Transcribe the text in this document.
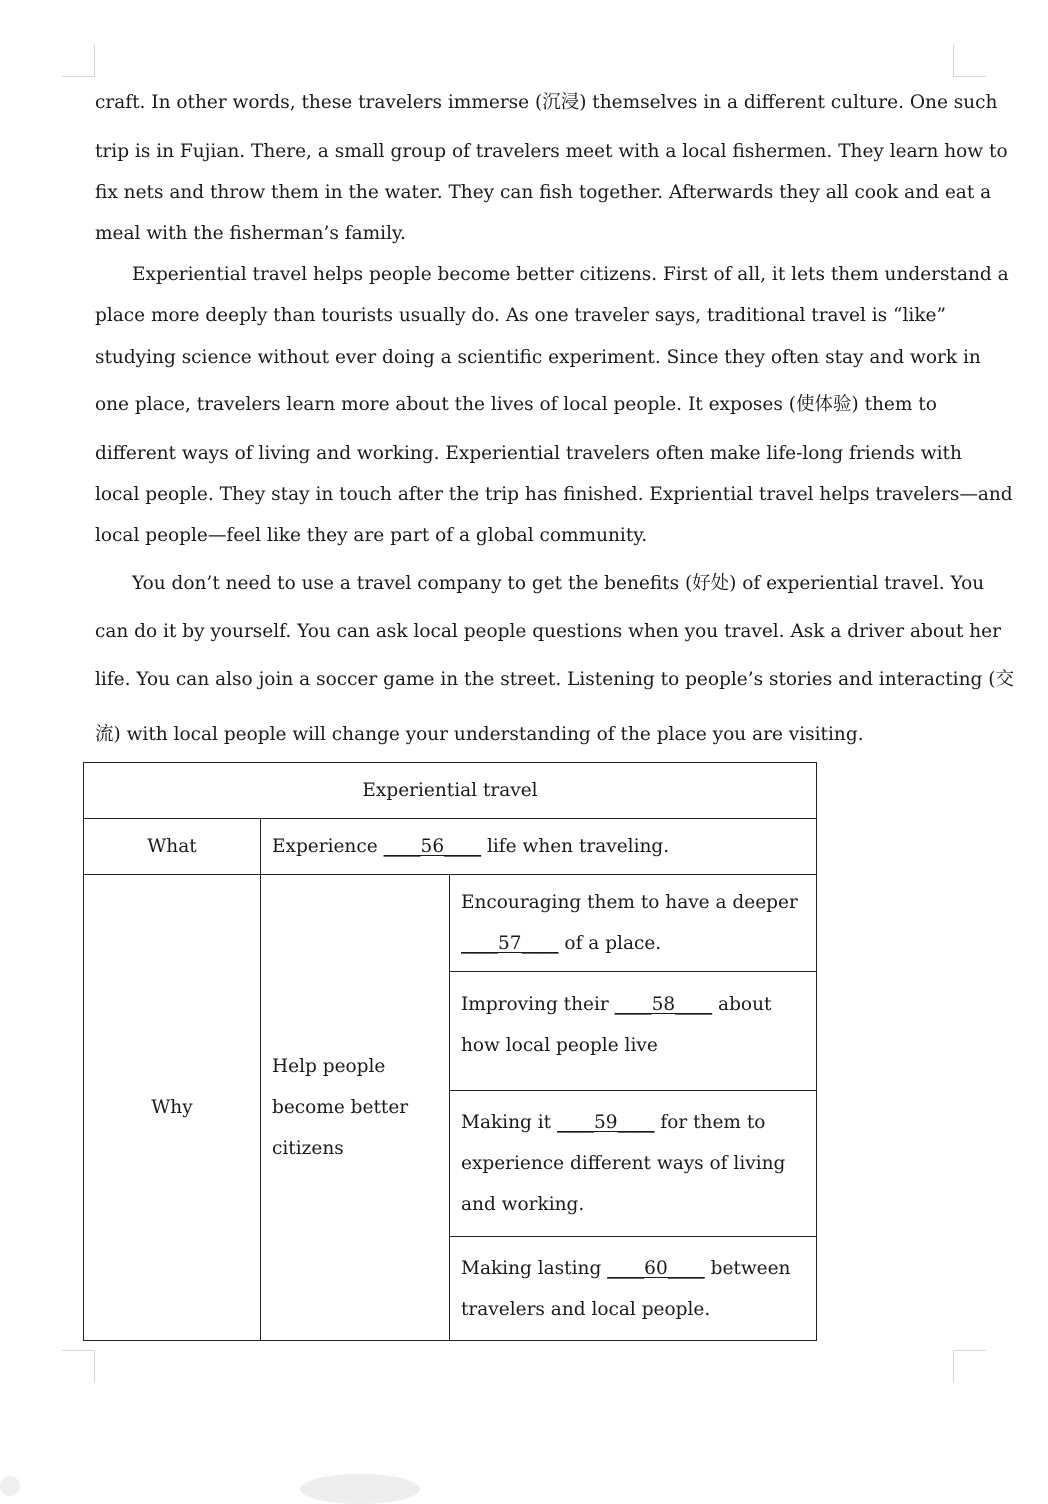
craft. In other words, these travelers immerse (沉浸) themselves in a different culture. One such
trip is in Fujian. There, a small group of travelers meet with a local fishermen. They learn how to
fix nets and throw them in the water. They can fish together. Afterwards they all cook and eat a
meal with the fisherman’s family.
Experiential travel helps people become better citizens. First of all, it lets them understand a
place more deeply than tourists usually do. As one traveler says, traditional travel is “like”
studying science without ever doing a scientific experiment. Since they often stay and work in
one place, travelers learn more about the lives of local people. It exposes (使体验) them to
different ways of living and working. Experiential travelers often make life-long friends with
local people. They stay in touch after the trip has finished. Expriential travel helps travelers—and
local people—feel like they are part of a global community.
You don’t need to use a travel company to get the benefits (好处) of experiential travel. You
can do it by yourself. You can ask local people questions when you travel. Ask a driver about her
life. You can also join a soccer game in the street. Listening to people’s stories and interacting (交
流) with local people will change your understanding of the place you are visiting.
Experiential travel		
What	Experience ____56____ life when traveling.	
Why	Help people become better citizens	Encouraging them to have a deeper ____57____ of a place.
		Improving their ____58____ about how local people live
		Making it ____59____ for them to experience different ways of living and working.
		Making lasting ____60____ between travelers and local people.
